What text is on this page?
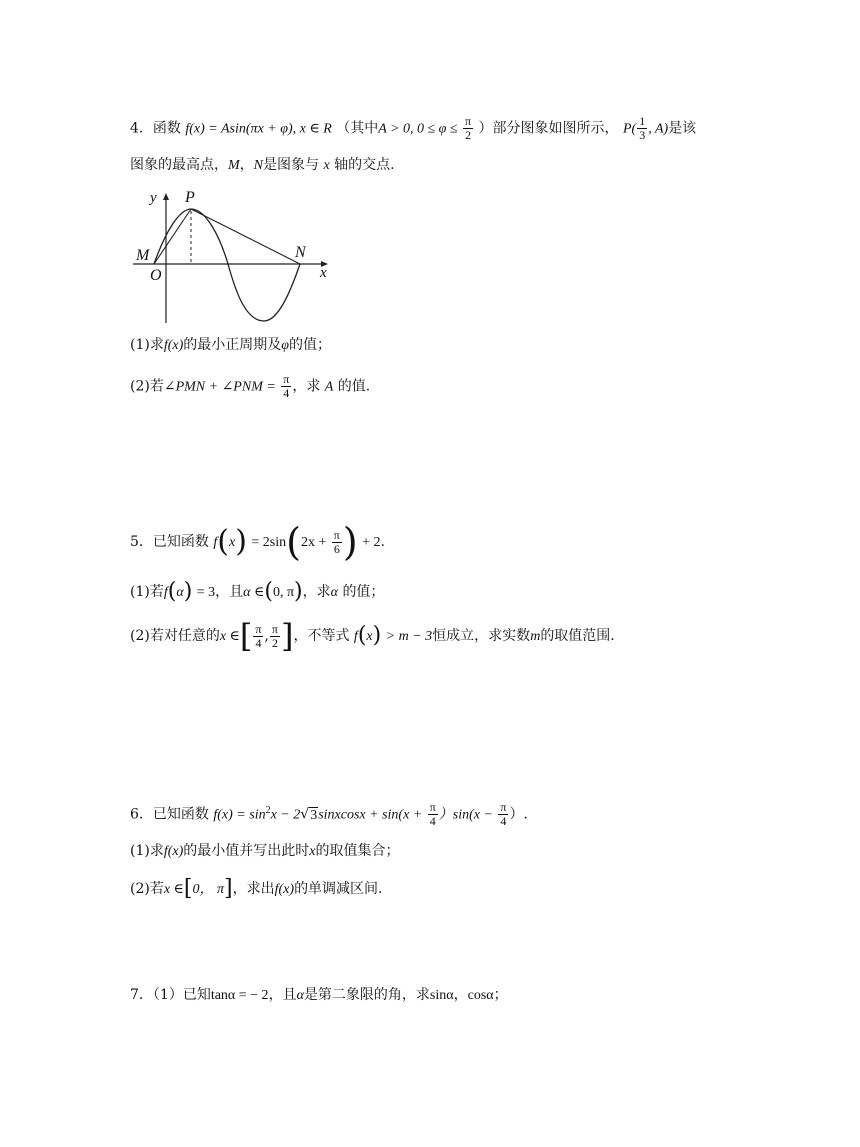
4．函数 f(x) = Asin(πx + φ), x ∈ R （其中A > 0, $0 \le \varphi \le \frac{\pi}{2}$ ）部分图象如图所示， $P( \frac{1}{3}$ , A)是该
图象的最高点，M，N是图象与 x 轴的交点.
y P
M	N
O	x
(1)求f(x)的最小正周期及φ的值；
(2)若∠PMN + ∠PNM = $\frac{\pi}{4}$ ，求 A 的值.
5．已知函数 $f(x) = 2\sin(2x + \frac{\pi}{6}$ ) + 2.
(1)若f(α) = 3，且α ∈(0, π)，求α 的值；
(2)若对任意的x ∈[ $\frac{\pi}{4}$ , $\frac{\pi}{2}$ ]，不等式 f(x) > m − 3恒成立，求实数m的取值范围.
6．已知函数 $f(x) = \sin^2x$ − 2√3sinxcosx + $\sin(x + \frac{\pi}{4} )\sin(x - \frac{\pi}{4}$ ）.
(1)求f(x)的最小值并写出此时x的取值集合；
(2)若x ∈[0， π]，求出f(x)的单调减区间.
7．（1）已知tanα = − 2，且α是第二象限的角，求sinα，cosα；
